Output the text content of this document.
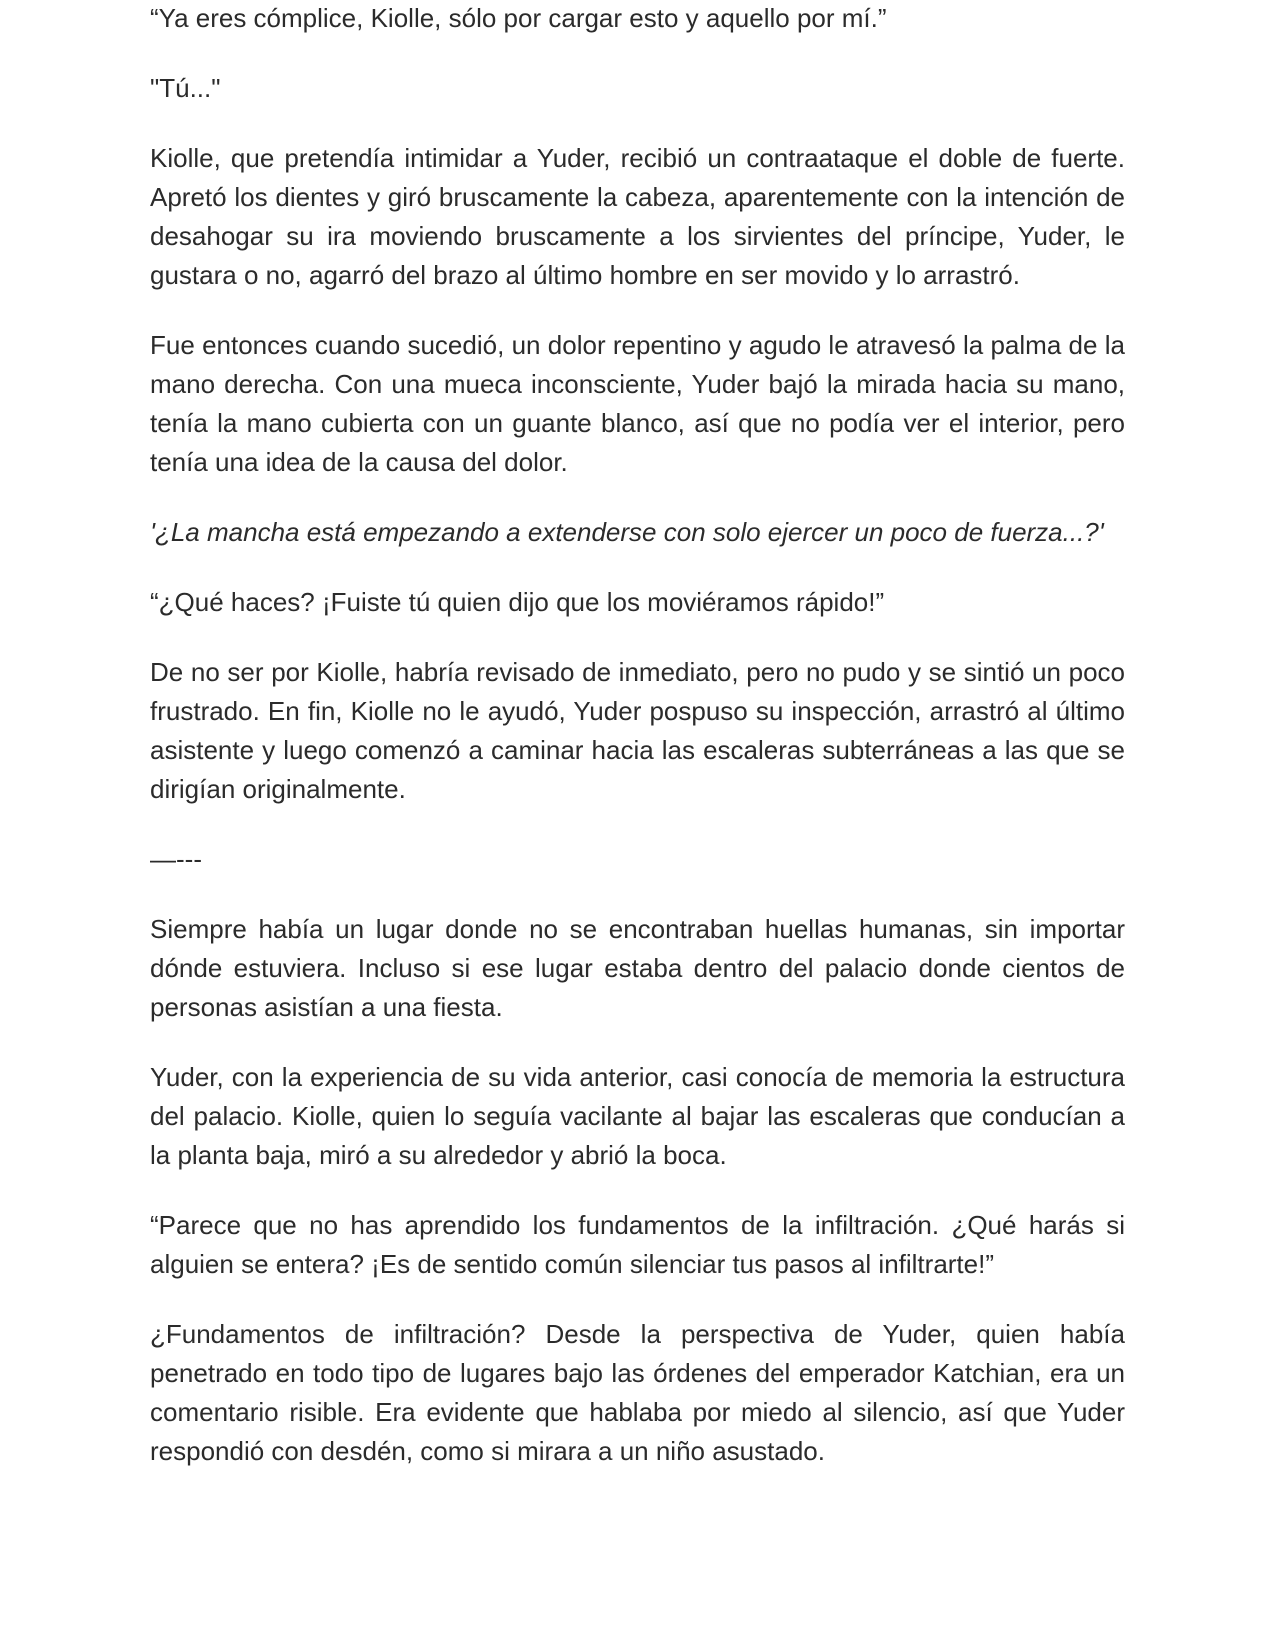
“Ya eres cómplice, Kiolle, sólo por cargar esto y aquello por mí.”

"Tú..."

Kiolle, que pretendía intimidar a Yuder, recibió un contraataque el doble de fuerte. Apretó los dientes y giró bruscamente la cabeza, aparentemente con la intención de desahogar su ira moviendo bruscamente a los sirvientes del príncipe, Yuder, le gustara o no, agarró del brazo al último hombre en ser movido y lo arrastró.

Fue entonces cuando sucedió, un dolor repentino y agudo le atravesó la palma de la mano derecha. Con una mueca inconsciente, Yuder bajó la mirada hacia su mano, tenía la mano cubierta con un guante blanco, así que no podía ver el interior, pero tenía una idea de la causa del dolor.

'¿La mancha está empezando a extenderse con solo ejercer un poco de fuerza...?'

“¿Qué haces? ¡Fuiste tú quien dijo que los moviéramos rápido!”

De no ser por Kiolle, habría revisado de inmediato, pero no pudo y se sintió un poco frustrado. En fin, Kiolle no le ayudó, Yuder pospuso su inspección, arrastró al último asistente y luego comenzó a caminar hacia las escaleras subterráneas a las que se dirigían originalmente.

—---

Siempre había un lugar donde no se encontraban huellas humanas, sin importar dónde estuviera. Incluso si ese lugar estaba dentro del palacio donde cientos de personas asistían a una fiesta.

Yuder, con la experiencia de su vida anterior, casi conocía de memoria la estructura del palacio. Kiolle, quien lo seguía vacilante al bajar las escaleras que conducían a la planta baja, miró a su alrededor y abrió la boca.

“Parece que no has aprendido los fundamentos de la infiltración. ¿Qué harás si alguien se entera? ¡Es de sentido común silenciar tus pasos al infiltrarte!”

¿Fundamentos de infiltración? Desde la perspectiva de Yuder, quien había penetrado en todo tipo de lugares bajo las órdenes del emperador Katchian, era un comentario risible. Era evidente que hablaba por miedo al silencio, así que Yuder respondió con desdén, como si mirara a un niño asustado.
